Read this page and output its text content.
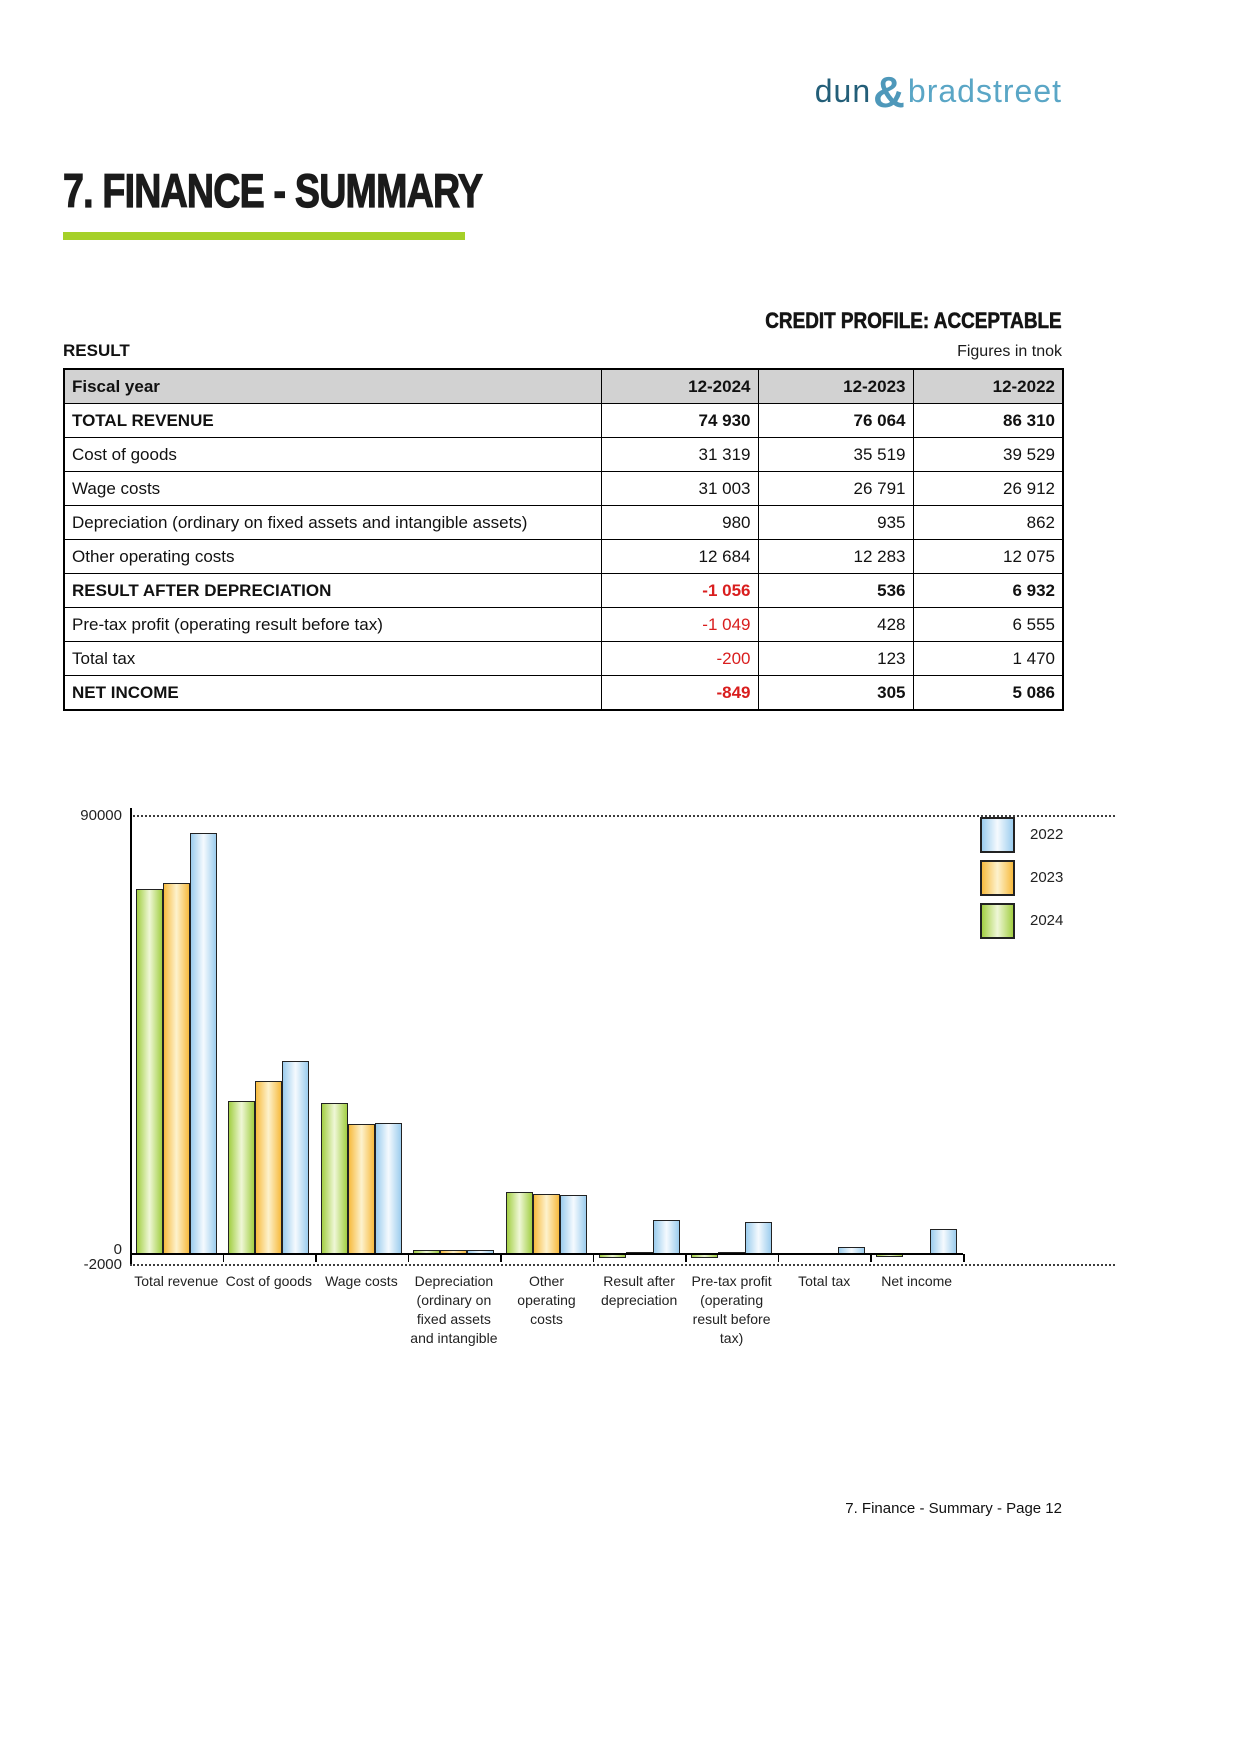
dun&bradstreet
7. FINANCE - SUMMARY
CREDIT PROFILE: ACCEPTABLE
RESULT	Figures in tnok
Fiscal year	12-2024	12-2023	12-2022
TOTAL REVENUE	74 930	76 064	86 310
Cost of goods	31 319	35 519	39 529
Wage costs	31 003	26 791	26 912
Depreciation (ordinary on fixed assets and intangible assets)	980	935	862
Other operating costs	12 684	12 283	12 075
RESULT AFTER DEPRECIATION	-1 056	536	6 932
Pre-tax profit (operating result before tax)	-1 049	428	6 555
Total tax	-200	123	1 470
NET INCOME	-849	305	5 086
Total revenue Cost of goods Wage costs	Depreciation
(ordinary on
fixed assets
and intangible
Other
operating
costs
Result after
depreciation
Pre-tax profit
(operating
result before
tax)
Total tax	Net income
90000
0
-2000
2022
2023
2024
7. Finance - Summary - Page 12
